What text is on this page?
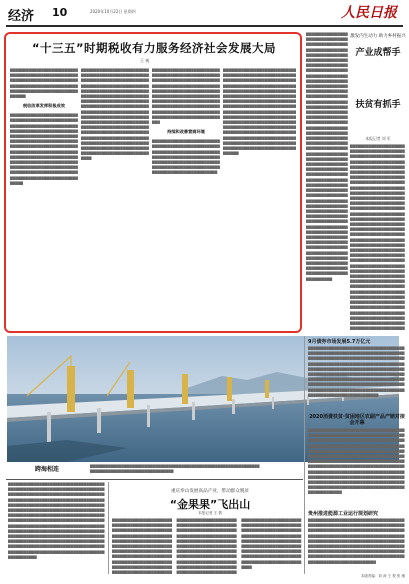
经济 10	2020年10月22日 星期四	人民日报
“十三五”时期税收有力服务经济社会发展大局
王 观
▇▇▇▇▇▇▇▇▇▇▇▇▇▇▇▇▇▇▇▇▇▇▇▇▇▇▇▇▇▇▇▇▇▇▇▇▇▇▇▇▇▇▇▇▇▇▇▇▇▇▇▇▇▇▇▇▇▇▇▇▇▇▇▇▇▇▇▇▇▇▇▇▇▇▇▇▇▇▇▇▇▇▇▇▇▇▇▇▇▇▇▇▇▇▇▇▇▇▇▇▇▇▇▇▇▇▇▇▇▇▇▇▇▇▇▇▇▇▇▇▇▇▇▇▇▇▇▇▇▇▇▇▇▇▇▇
税收改革发挥积极成效
▇▇▇▇▇▇▇▇▇▇▇▇▇▇▇▇▇▇▇▇▇▇▇▇▇▇▇▇▇▇▇▇▇▇▇▇▇▇▇▇▇▇▇▇▇▇▇▇▇▇▇▇▇▇▇▇▇▇▇▇▇▇▇▇▇▇▇▇▇▇▇▇▇▇▇▇▇▇▇▇▇▇▇▇▇▇▇▇▇▇▇▇▇▇▇▇▇▇▇▇▇▇▇▇▇▇▇▇▇▇▇▇▇▇▇▇▇▇▇▇▇▇▇▇▇▇▇▇▇▇▇▇▇▇▇▇▇▇▇▇▇▇▇▇▇▇▇▇▇▇▇▇▇▇▇▇▇▇▇▇▇▇▇▇▇▇▇▇▇▇▇▇▇▇▇▇▇▇▇▇▇▇▇▇▇▇▇▇▇▇▇▇▇▇▇▇▇▇▇▇▇▇▇▇▇▇▇▇▇▇▇▇▇▇▇▇▇▇▇▇▇▇▇▇▇▇▇▇▇▇▇▇▇▇▇▇▇▇▇▇▇▇▇▇▇▇▇▇▇▇▇▇▇▇▇▇▇▇▇▇▇▇▇▇▇▇▇▇▇▇▇▇▇▇▇▇▇▇▇▇▇▇▇▇▇▇▇▇▇▇▇▇▇▇▇▇▇▇▇▇▇▇▇▇▇▇▇▇▇▇▇▇▇▇▇▇▇▇▇▇▇▇▇▇▇▇▇▇▇▇▇▇▇▇▇▇▇▇▇▇▇▇▇
▇▇▇▇▇▇▇▇▇▇▇▇▇▇▇▇▇▇▇▇▇▇▇▇▇▇▇▇▇▇▇▇▇▇▇▇▇▇▇▇▇▇▇▇▇▇▇▇▇▇▇▇▇▇▇▇▇▇▇▇▇▇▇▇▇▇▇▇▇▇▇▇▇▇▇▇▇▇▇▇▇▇▇▇▇▇▇▇▇▇▇▇▇▇▇▇▇▇▇▇▇▇▇▇▇▇▇▇▇▇▇▇▇▇▇▇▇▇▇▇▇▇▇▇▇▇▇▇▇▇▇▇▇▇▇▇▇▇▇▇▇▇▇▇▇▇▇▇▇▇▇▇▇▇▇▇▇▇▇▇▇▇▇▇▇▇▇▇▇▇▇▇▇▇▇▇▇▇▇▇▇▇▇▇▇▇▇▇▇▇▇▇▇▇▇▇▇▇▇▇▇▇▇▇▇▇▇▇▇▇▇▇▇▇▇▇▇▇▇▇▇▇▇▇▇▇▇▇▇▇▇▇▇▇▇▇▇▇▇▇▇▇▇▇▇▇▇▇▇▇▇▇▇▇▇▇▇▇▇▇▇▇▇▇▇▇▇▇▇▇▇▇▇▇▇▇▇▇▇▇▇▇▇▇▇▇▇▇▇▇▇▇▇▇▇▇▇▇▇▇▇▇▇▇▇▇▇▇▇▇▇▇▇▇▇▇▇▇▇▇▇▇▇▇▇▇▇▇▇▇▇▇▇▇▇▇▇▇▇▇▇▇▇▇▇▇▇▇▇▇▇▇▇▇▇▇▇▇▇▇▇▇▇▇▇▇▇▇▇▇▇▇▇▇▇▇▇▇▇▇▇▇▇▇▇▇▇▇▇▇▇▇▇▇▇▇▇▇▇▇▇▇▇▇▇▇▇▇▇▇▇▇▇▇▇▇▇▇▇▇▇▇▇▇▇▇▇▇▇▇▇▇▇▇▇▇▇▇▇▇▇▇▇▇▇▇
▇▇▇▇▇▇▇▇▇▇▇▇▇▇▇▇▇▇▇▇▇▇▇▇▇▇▇▇▇▇▇▇▇▇▇▇▇▇▇▇▇▇▇▇▇▇▇▇▇▇▇▇▇▇▇▇▇▇▇▇▇▇▇▇▇▇▇▇▇▇▇▇▇▇▇▇▇▇▇▇▇▇▇▇▇▇▇▇▇▇▇▇▇▇▇▇▇▇▇▇▇▇▇▇▇▇▇▇▇▇▇▇▇▇▇▇▇▇▇▇▇▇▇▇▇▇▇▇▇▇▇▇▇▇▇▇▇▇▇▇▇▇▇▇▇▇▇▇▇▇▇▇▇▇▇▇▇▇▇▇▇▇▇▇▇▇▇▇▇▇▇▇▇▇▇▇▇▇▇▇▇▇▇▇▇▇▇▇▇▇▇▇▇▇▇▇▇▇▇▇▇▇▇▇▇▇▇▇▇▇▇▇▇▇▇▇▇▇▇▇▇▇▇▇▇▇▇▇▇▇▇▇▇▇▇▇▇▇▇▇▇▇▇▇▇▇▇▇▇▇▇▇▇▇▇▇▇▇▇▇▇▇▇
持续和改善营商环境
▇▇▇▇▇▇▇▇▇▇▇▇▇▇▇▇▇▇▇▇▇▇▇▇▇▇▇▇▇▇▇▇▇▇▇▇▇▇▇▇▇▇▇▇▇▇▇▇▇▇▇▇▇▇▇▇▇▇▇▇▇▇▇▇▇▇▇▇▇▇▇▇▇▇▇▇▇▇▇▇▇▇▇▇▇▇▇▇▇▇▇▇▇▇▇▇▇▇▇▇▇▇▇▇▇▇▇▇▇▇▇▇▇▇▇▇▇▇▇▇▇▇▇▇▇▇▇▇▇▇▇▇▇▇▇▇▇▇▇▇▇▇▇▇▇▇▇▇▇▇▇▇▇▇▇▇▇▇▇▇▇▇▇▇▇▇▇▇▇▇▇▇▇▇▇▇▇▇▇▇▇
▇▇▇▇▇▇▇▇▇▇▇▇▇▇▇▇▇▇▇▇▇▇▇▇▇▇▇▇▇▇▇▇▇▇▇▇▇▇▇▇▇▇▇▇▇▇▇▇▇▇▇▇▇▇▇▇▇▇▇▇▇▇▇▇▇▇▇▇▇▇▇▇▇▇▇▇▇▇▇▇▇▇▇▇▇▇▇▇▇▇▇▇▇▇▇▇▇▇▇▇▇▇▇▇▇▇▇▇▇▇▇▇▇▇▇▇▇▇▇▇▇▇▇▇▇▇▇▇▇▇▇▇▇▇▇▇▇▇▇▇▇▇▇▇▇▇▇▇▇▇▇▇▇▇▇▇▇▇▇▇▇▇▇▇▇▇▇▇▇▇▇▇▇▇▇▇▇▇▇▇▇▇▇▇▇▇▇▇▇▇▇▇▇▇▇▇▇▇▇▇▇▇▇▇▇▇▇▇▇▇▇▇▇▇▇▇▇▇▇▇▇▇▇▇▇▇▇▇▇▇▇▇▇▇▇▇▇▇▇▇▇▇▇▇▇▇▇▇▇▇▇▇▇▇▇▇▇▇▇▇▇▇▇▇▇▇▇▇▇▇▇▇▇▇▇▇▇▇▇▇▇▇▇▇▇▇▇▇▇▇▇▇▇▇▇▇▇▇▇▇▇▇▇▇▇▇▇▇▇▇▇▇▇▇▇▇▇▇▇▇▇▇▇▇▇▇▇▇▇▇▇▇▇▇▇▇▇▇▇▇▇▇▇▇▇▇▇▇▇▇▇▇▇▇▇▇▇▇▇▇▇▇▇▇▇▇▇▇▇▇▇▇▇▇▇▇▇▇▇▇▇▇▇▇▇▇▇▇▇▇▇▇▇▇▇▇▇▇▇▇▇▇▇▇▇▇▇▇▇▇▇▇▇▇▇▇▇▇▇▇▇▇▇▇▇▇▇▇▇▇▇▇▇▇▇▇▇▇▇▇▇▇▇▇▇▇▇▇▇▇▇▇▇▇
▇▇▇▇▇▇▇▇▇▇▇▇▇▇▇▇▇▇▇▇▇▇▇▇▇▇▇▇▇▇▇▇▇▇▇▇▇▇▇▇▇▇▇▇▇▇▇▇▇▇▇▇▇▇▇▇▇▇▇▇▇▇▇▇▇▇▇▇▇▇▇▇▇▇▇▇▇▇▇▇▇▇▇▇▇▇▇▇▇▇▇▇▇▇▇▇▇▇▇▇▇▇▇▇▇▇▇▇▇▇▇▇▇▇▇▇▇▇▇▇▇▇▇▇▇▇▇▇▇▇▇▇▇▇▇▇▇▇▇▇▇▇▇▇▇▇▇▇▇▇▇▇▇▇▇▇▇▇▇▇▇▇▇▇▇▇▇▇▇▇▇▇▇▇▇▇▇▇▇▇▇▇▇▇▇▇▇▇▇▇▇▇▇▇▇▇▇▇▇▇▇▇▇▇▇▇▇▇▇▇▇▇▇▇▇▇▇▇▇▇▇▇▇▇▇▇▇▇▇▇▇▇▇▇▇▇▇▇▇▇▇▇▇▇▇▇▇▇▇▇▇▇▇▇▇▇▇▇▇▇▇▇▇▇▇▇▇▇▇▇▇▇▇▇▇▇▇▇▇▇▇▇▇▇▇▇▇▇▇▇▇▇▇▇▇▇▇▇▇▇▇▇▇▇▇▇▇▇▇▇▇▇▇▇▇▇▇▇▇▇▇▇▇▇▇▇▇▇▇▇▇▇▇▇▇▇▇▇▇▇▇▇▇▇▇▇▇▇▇▇▇▇▇▇▇▇▇▇▇▇▇▇▇▇▇▇▇▇▇▇▇▇▇▇▇▇▇▇▇▇▇▇▇▇▇▇▇▇▇▇▇▇▇▇▇▇▇▇▇▇▇▇▇▇▇▇▇▇▇▇▇▇▇▇▇▇▇▇▇▇▇▇▇▇▇▇▇▇▇▇▇▇▇▇▇▇▇▇▇▇▇▇▇▇▇▇▇▇▇▇▇▇▇▇▇▇▇▇▇▇▇▇▇▇▇▇▇▇▇▇▇▇▇▇▇▇▇▇▇▇▇▇▇▇▇▇▇▇▇▇▇▇▇▇▇▇▇▇▇▇▇▇▇▇▇▇▇▇▇▇▇▇▇▇▇▇▇▇▇▇▇▇▇▇▇▇▇▇▇▇▇▇▇▇▇▇▇▇▇▇▇▇▇▇▇▇▇▇▇▇▇▇▇▇▇▇▇▇▇▇▇▇▇▇▇▇▇▇▇▇▇▇▇▇▇▇▇▇▇▇▇▇▇▇▇▇▇▇▇▇▇▇▇▇▇▇▇▇▇▇▇▇▇▇▇▇▇▇▇▇▇▇▇▇▇▇▇▇▇▇▇▇▇▇▇▇▇▇▇▇▇▇▇▇▇▇▇▇▇▇▇▇▇▇▇▇▇▇▇▇▇▇▇▇▇▇▇▇▇▇▇▇▇▇▇▇▇▇▇▇▇▇▇▇▇▇▇▇▇▇▇▇▇▇▇▇▇▇▇▇▇▇▇▇▇▇▇▇▇▇▇▇▇▇▇▇▇▇▇▇▇▇▇▇▇▇▇▇▇▇▇▇▇▇▇▇▇▇▇▇▇▇▇▇▇▇▇▇▇▇▇▇▇▇▇▇▇▇▇▇▇▇▇▇▇▇▇▇▇▇▇▇
激发内生动力 助力乡村振兴
产业成帮手
扶贫有抓手
本报记者 刘 军
▇▇▇▇▇▇▇▇▇▇▇▇▇▇▇▇▇▇▇▇▇▇▇▇▇▇▇▇▇▇▇▇▇▇▇▇▇▇▇▇▇▇▇▇▇▇▇▇▇▇▇▇▇▇▇▇▇▇▇▇▇▇▇▇▇▇▇▇▇▇▇▇▇▇▇▇▇▇▇▇▇▇▇▇▇▇▇▇▇▇▇▇▇▇▇▇▇▇▇▇▇▇▇▇▇▇▇▇▇▇▇▇▇▇▇▇▇▇▇▇▇▇▇▇▇▇▇▇▇▇▇▇▇▇▇▇▇▇▇▇▇▇▇▇▇▇▇▇▇▇▇▇▇▇▇▇▇▇▇▇▇▇▇▇▇▇▇▇▇▇▇▇▇▇▇▇▇▇▇▇▇▇▇▇▇▇▇▇▇▇▇▇▇▇▇▇▇▇▇▇▇▇▇▇▇▇▇▇▇▇▇▇▇▇▇▇▇▇▇▇▇▇▇▇▇▇▇▇▇▇▇▇▇▇▇▇▇▇▇▇▇▇▇▇▇▇▇▇▇▇▇▇▇▇▇▇▇▇▇▇▇▇▇▇▇▇▇▇▇▇▇▇▇▇▇▇▇▇▇▇▇▇▇▇▇▇▇▇▇▇▇▇▇▇▇▇▇▇▇▇▇▇▇▇▇▇▇▇▇▇▇▇▇▇▇▇▇▇▇▇▇▇▇▇▇▇▇▇▇▇▇▇▇▇▇▇▇▇▇▇▇▇▇▇▇▇▇▇▇▇▇▇▇▇▇▇▇▇▇▇▇▇▇▇▇▇▇▇▇▇▇▇▇▇▇▇▇▇▇▇▇▇▇▇▇▇▇▇▇▇▇▇▇▇▇▇▇▇▇▇▇▇▇▇▇▇▇▇▇▇▇▇▇▇▇▇▇▇▇▇▇▇▇▇▇▇▇▇▇▇▇▇▇▇▇▇▇▇▇▇▇▇▇▇▇▇▇▇▇▇▇▇▇▇▇▇▇▇▇▇▇▇▇▇▇▇▇▇▇▇▇▇▇▇▇▇▇▇▇▇▇▇▇▇▇▇▇▇▇▇▇▇▇▇▇▇▇▇▇▇▇▇▇▇▇▇▇▇▇▇▇▇▇▇▇▇▇▇▇▇▇▇▇▇▇▇▇▇▇▇▇▇▇▇▇▇▇▇▇▇▇▇▇▇▇▇▇▇▇▇▇▇▇▇▇▇▇▇▇▇▇▇▇▇▇▇▇▇▇▇▇▇▇▇▇▇▇▇▇▇▇▇▇▇▇▇▇▇▇▇▇▇▇▇▇▇▇▇▇▇▇▇▇▇▇▇▇▇▇▇▇▇▇▇▇▇▇▇▇▇▇▇▇▇▇▇▇▇▇▇▇▇▇▇▇▇▇▇▇▇▇▇▇▇▇▇▇▇▇▇▇▇▇▇▇▇▇▇▇▇▇▇▇▇▇▇▇▇▇▇▇▇▇▇▇▇▇▇▇▇▇▇▇▇▇▇▇▇▇▇▇▇▇▇▇▇▇▇▇▇▇▇▇▇▇▇▇▇▇▇▇▇▇▇▇▇▇▇▇▇▇▇▇▇▇▇▇▇▇▇▇▇▇▇▇▇▇▇▇▇▇▇▇▇▇▇▇▇▇▇▇▇▇▇▇▇
跨海相连	▇▇▇▇▇▇▇▇▇▇▇▇▇▇▇▇▇▇▇▇▇▇▇▇▇▇▇▇▇▇▇▇▇▇▇▇▇▇▇▇▇▇▇▇▇▇▇▇▇▇▇▇▇▇▇▇▇▇▇▇▇▇▇▇▇▇▇▇▇▇▇▇▇▇▇▇▇▇▇▇▇▇▇▇▇▇▇▇▇▇▇▇▇▇▇▇▇
9月债券市场发展5.7万亿元
▇▇▇▇▇▇▇▇▇▇▇▇▇▇▇▇▇▇▇▇▇▇▇▇▇▇▇▇▇▇▇▇▇▇▇▇▇▇▇▇▇▇▇▇▇▇▇▇▇▇▇▇▇▇▇▇▇▇▇▇▇▇▇▇▇▇▇▇▇▇▇▇▇▇▇▇▇▇▇▇▇▇▇▇▇▇▇▇▇▇▇▇▇▇▇▇▇▇▇▇▇▇▇▇▇▇▇▇▇▇▇▇▇▇▇▇▇▇▇▇▇▇▇▇▇▇▇▇▇▇▇▇▇▇▇▇▇▇▇▇▇▇▇▇▇▇▇▇▇▇▇▇▇▇▇▇▇▇▇▇▇▇▇▇▇▇▇▇▇▇▇▇▇▇▇▇▇▇▇▇▇▇▇▇▇▇▇▇▇▇▇▇▇▇▇▇▇▇▇▇▇▇▇▇▇▇▇▇▇▇▇▇▇▇▇▇▇▇▇▇▇▇▇▇▇▇▇▇▇▇▇▇▇▇▇▇▇▇▇▇▇▇▇▇▇▇▇▇▇▇▇▇▇▇▇▇▇▇▇▇▇▇▇▇▇▇▇▇▇▇▇▇▇▇▇▇▇▇▇▇▇▇▇▇▇▇▇▇▇▇▇▇▇▇▇▇▇▇▇▇▇▇▇▇▇▇▇▇▇▇▇▇▇▇▇▇▇▇▇▇▇▇▇▇▇▇▇▇▇▇▇▇▇▇▇▇▇▇▇▇▇▇▇▇▇▇▇▇▇▇▇▇▇▇▇▇▇▇▇▇
2020消费扶贫·贫困地区农副产品产销对接会开幕
▇▇▇▇▇▇▇▇▇▇▇▇▇▇▇▇▇▇▇▇▇▇▇▇▇▇▇▇▇▇▇▇▇▇▇▇▇▇▇▇▇▇▇▇▇▇▇▇▇▇▇▇▇▇▇▇▇▇▇▇▇▇▇▇▇▇▇▇▇▇▇▇▇▇▇▇▇▇▇▇▇▇▇▇▇▇▇▇▇▇▇▇▇▇▇▇▇▇▇▇▇▇▇▇▇▇▇▇▇▇▇▇▇▇▇▇▇▇▇▇▇▇▇▇▇▇▇▇▇▇▇▇▇▇▇▇▇▇▇▇▇▇▇▇▇▇▇▇▇▇▇▇▇▇▇▇▇▇▇▇▇▇▇▇▇▇▇▇▇▇▇▇▇▇▇▇▇▇▇▇▇▇▇▇▇▇▇▇▇▇▇▇▇▇▇▇▇▇▇▇▇▇▇▇▇▇▇▇▇▇▇▇▇▇▇▇▇▇▇▇▇▇▇▇▇▇▇▇▇▇▇▇▇▇▇▇▇▇▇▇▇▇▇▇▇▇▇▇▇▇▇▇▇▇▇▇▇▇▇▇▇▇▇▇▇▇▇▇▇▇▇▇▇▇▇▇▇▇▇▇▇▇▇▇▇▇▇▇▇▇▇▇▇▇▇▇▇▇▇▇▇▇▇▇▇▇▇▇▇▇▇▇▇▇▇▇▇▇▇▇▇▇▇▇▇▇▇▇▇▇▇▇▇▇▇▇▇▇▇▇▇▇▇▇▇▇▇▇▇▇▇▇▇▇▇▇▇▇▇▇▇▇▇▇▇▇▇▇▇▇▇▇▇▇▇▇▇▇▇▇▇▇▇▇▇▇▇▇▇▇▇▇▇▇▇▇▇▇▇▇▇▇▇▇▇▇▇▇▇▇▇▇▇▇▇▇▇▇▇▇▇▇▇▇▇▇▇▇▇▇▇▇▇▇▇▇▇▇▇▇▇▇▇▇▇▇▇▇▇▇▇▇▇▇▇▇▇
贵州推进能源工业运行规划研究
▇▇▇▇▇▇▇▇▇▇▇▇▇▇▇▇▇▇▇▇▇▇▇▇▇▇▇▇▇▇▇▇▇▇▇▇▇▇▇▇▇▇▇▇▇▇▇▇▇▇▇▇▇▇▇▇▇▇▇▇▇▇▇▇▇▇▇▇▇▇▇▇▇▇▇▇▇▇▇▇▇▇▇▇▇▇▇▇▇▇▇▇▇▇▇▇▇▇▇▇▇▇▇▇▇▇▇▇▇▇▇▇▇▇▇▇▇▇▇▇▇▇▇▇▇▇▇▇▇▇▇▇▇▇▇▇▇▇▇▇▇▇▇▇▇▇▇▇▇▇▇▇▇▇▇▇▇▇▇▇▇▇▇▇▇▇▇▇▇▇▇▇▇▇▇▇▇▇▇▇▇▇▇▇▇▇▇▇▇▇▇▇▇▇▇▇▇▇▇▇▇▇▇▇▇▇▇▇▇▇▇▇▇▇▇▇▇▇▇▇▇▇▇▇▇▇▇▇▇▇▇▇▇▇▇▇▇▇▇▇▇▇▇▇▇▇▇▇▇▇▇▇▇▇▇▇▇▇▇▇▇▇▇▇▇▇▇▇▇▇▇▇▇▇▇▇▇▇▇▇▇▇▇▇▇▇▇▇▇▇▇▇▇▇▇▇▇▇▇▇▇▇▇▇▇▇▇▇▇▇▇▇▇▇▇▇▇▇▇▇▇▇
▇▇▇▇▇▇▇▇▇▇▇▇▇▇▇▇▇▇▇▇▇▇▇▇▇▇▇▇▇▇▇▇▇▇▇▇▇▇▇▇▇▇▇▇▇▇▇▇▇▇▇▇▇▇▇▇▇▇▇▇▇▇▇▇▇▇▇▇▇▇▇▇▇▇▇▇▇▇▇▇▇▇▇▇▇▇▇▇▇▇▇▇▇▇▇▇▇▇▇▇▇▇▇▇▇▇▇▇▇▇▇▇▇▇▇▇▇▇▇▇▇▇▇▇▇▇▇▇▇▇▇▇▇▇▇▇▇▇▇▇▇▇▇▇▇▇▇▇▇▇▇▇▇▇▇▇▇▇▇▇▇▇▇▇▇▇▇▇▇▇▇▇▇▇▇▇▇▇▇▇▇▇▇▇▇▇▇▇▇▇▇▇▇▇▇▇▇▇▇▇▇▇▇▇▇▇▇▇▇▇▇▇▇▇▇▇▇▇▇▇▇▇▇▇▇▇▇▇▇▇▇▇▇▇▇▇▇▇▇▇▇▇▇▇▇▇▇▇▇▇▇▇▇▇▇▇▇▇▇▇▇▇▇▇▇▇▇▇▇▇▇▇▇▇▇▇▇▇▇▇▇▇▇▇▇▇▇▇▇▇▇▇▇▇▇▇▇▇▇▇▇▇▇▇▇▇▇▇▇▇▇▇▇▇▇▇▇▇▇▇▇▇▇▇▇▇▇▇▇▇▇▇▇▇▇▇▇▇▇▇▇▇▇▇▇▇▇▇▇▇▇▇▇▇▇▇▇▇▇▇▇▇▇▇▇▇▇▇▇▇▇▇▇▇▇▇▇▇▇▇▇▇▇▇▇▇▇▇▇▇▇▇▇▇▇▇▇▇▇▇▇▇▇▇▇▇▇▇▇▇▇▇▇▇▇▇▇▇▇▇▇▇▇▇▇▇▇▇▇▇▇▇▇▇▇▇▇▇▇▇▇▇▇▇▇▇▇▇▇▇▇▇▇▇▇▇▇▇▇▇▇▇▇▇▇▇▇▇▇▇▇▇▇▇▇▇▇▇▇▇▇▇▇▇▇▇▇▇▇▇▇▇▇▇▇▇▇▇▇▇▇▇▇▇▇▇▇▇▇▇▇▇▇▇▇▇▇▇▇▇▇▇▇▇▇▇▇▇▇
重庆奉山发展高品产业，带动群众脱贫
“金果果”飞出山
本报记者 王 倩
▇▇▇▇▇▇▇▇▇▇▇▇▇▇▇▇▇▇▇▇▇▇▇▇▇▇▇▇▇▇▇▇▇▇▇▇▇▇▇▇▇▇▇▇▇▇▇▇▇▇▇▇▇▇▇▇▇▇▇▇▇▇▇▇▇▇▇▇▇▇▇▇▇▇▇▇▇▇▇▇▇▇▇▇▇▇▇▇▇▇▇▇▇▇▇▇▇▇▇▇▇▇▇▇▇▇▇▇▇▇▇▇▇▇▇▇▇▇▇▇▇▇▇▇▇▇▇▇▇▇▇▇▇▇▇▇▇▇▇▇▇▇▇▇▇▇▇▇▇▇▇▇▇▇▇▇▇▇▇▇▇▇▇▇▇▇▇▇▇▇▇▇▇▇▇▇▇▇▇▇▇▇▇▇▇▇▇▇▇▇▇▇▇▇▇▇▇▇▇▇▇▇▇▇▇▇▇▇▇▇▇▇▇▇▇▇▇▇▇▇▇▇▇▇▇▇▇▇▇▇▇▇▇▇▇▇▇▇▇▇▇▇▇▇▇▇▇▇▇▇▇▇▇▇▇▇▇▇▇▇▇▇▇▇▇▇▇▇▇▇▇▇▇▇▇▇▇▇▇▇▇▇▇▇▇▇▇▇▇▇▇▇▇▇▇▇▇▇▇▇▇▇▇▇▇▇▇▇▇▇▇▇▇▇▇▇▇▇▇▇▇▇▇▇▇▇▇▇▇▇▇▇▇▇▇▇▇▇▇▇▇▇▇▇▇▇▇▇▇▇▇▇▇▇▇▇▇▇▇▇▇▇▇▇▇▇▇▇▇▇▇▇▇▇▇▇▇▇▇▇▇▇▇▇▇▇▇▇▇▇▇▇▇▇▇▇▇▇▇▇▇▇▇▇▇▇▇▇▇▇▇▇▇▇▇▇▇▇▇▇▇▇▇▇▇▇▇▇▇▇▇▇▇▇▇▇▇▇▇▇▇▇▇▇▇▇▇▇▇▇▇▇▇▇▇▇▇▇▇▇▇▇▇▇▇▇▇▇▇▇▇▇▇▇▇▇▇▇▇▇▇▇▇▇▇▇▇▇▇▇▇▇▇▇▇▇▇▇▇▇▇▇▇▇▇▇▇▇▇▇▇▇▇▇▇▇▇▇▇▇▇▇▇▇▇▇▇▇▇▇▇▇▇▇▇▇▇▇▇▇▇▇▇▇▇▇▇▇▇▇▇▇▇▇▇▇▇▇▇▇▇▇▇▇▇▇▇▇▇▇▇▇▇▇▇▇▇▇▇▇▇▇▇▇▇▇▇▇▇▇▇▇▇▇▇▇▇▇▇▇▇▇▇▇▇▇▇▇▇▇▇▇▇▇▇▇▇▇▇▇▇▇▇▇▇▇▇▇▇▇▇▇▇▇▇▇▇▇▇▇▇▇▇▇▇▇▇▇▇▇▇▇▇▇▇▇▇▇▇▇▇▇▇▇▇▇▇▇▇▇▇▇▇▇▇▇▇▇▇▇▇▇▇▇▇▇▇▇▇▇▇▇▇▇▇▇▇▇▇▇▇▇▇▇▇▇▇▇▇▇▇▇▇▇▇▇▇
本版责编：刘 涛 王 观 张 湘
